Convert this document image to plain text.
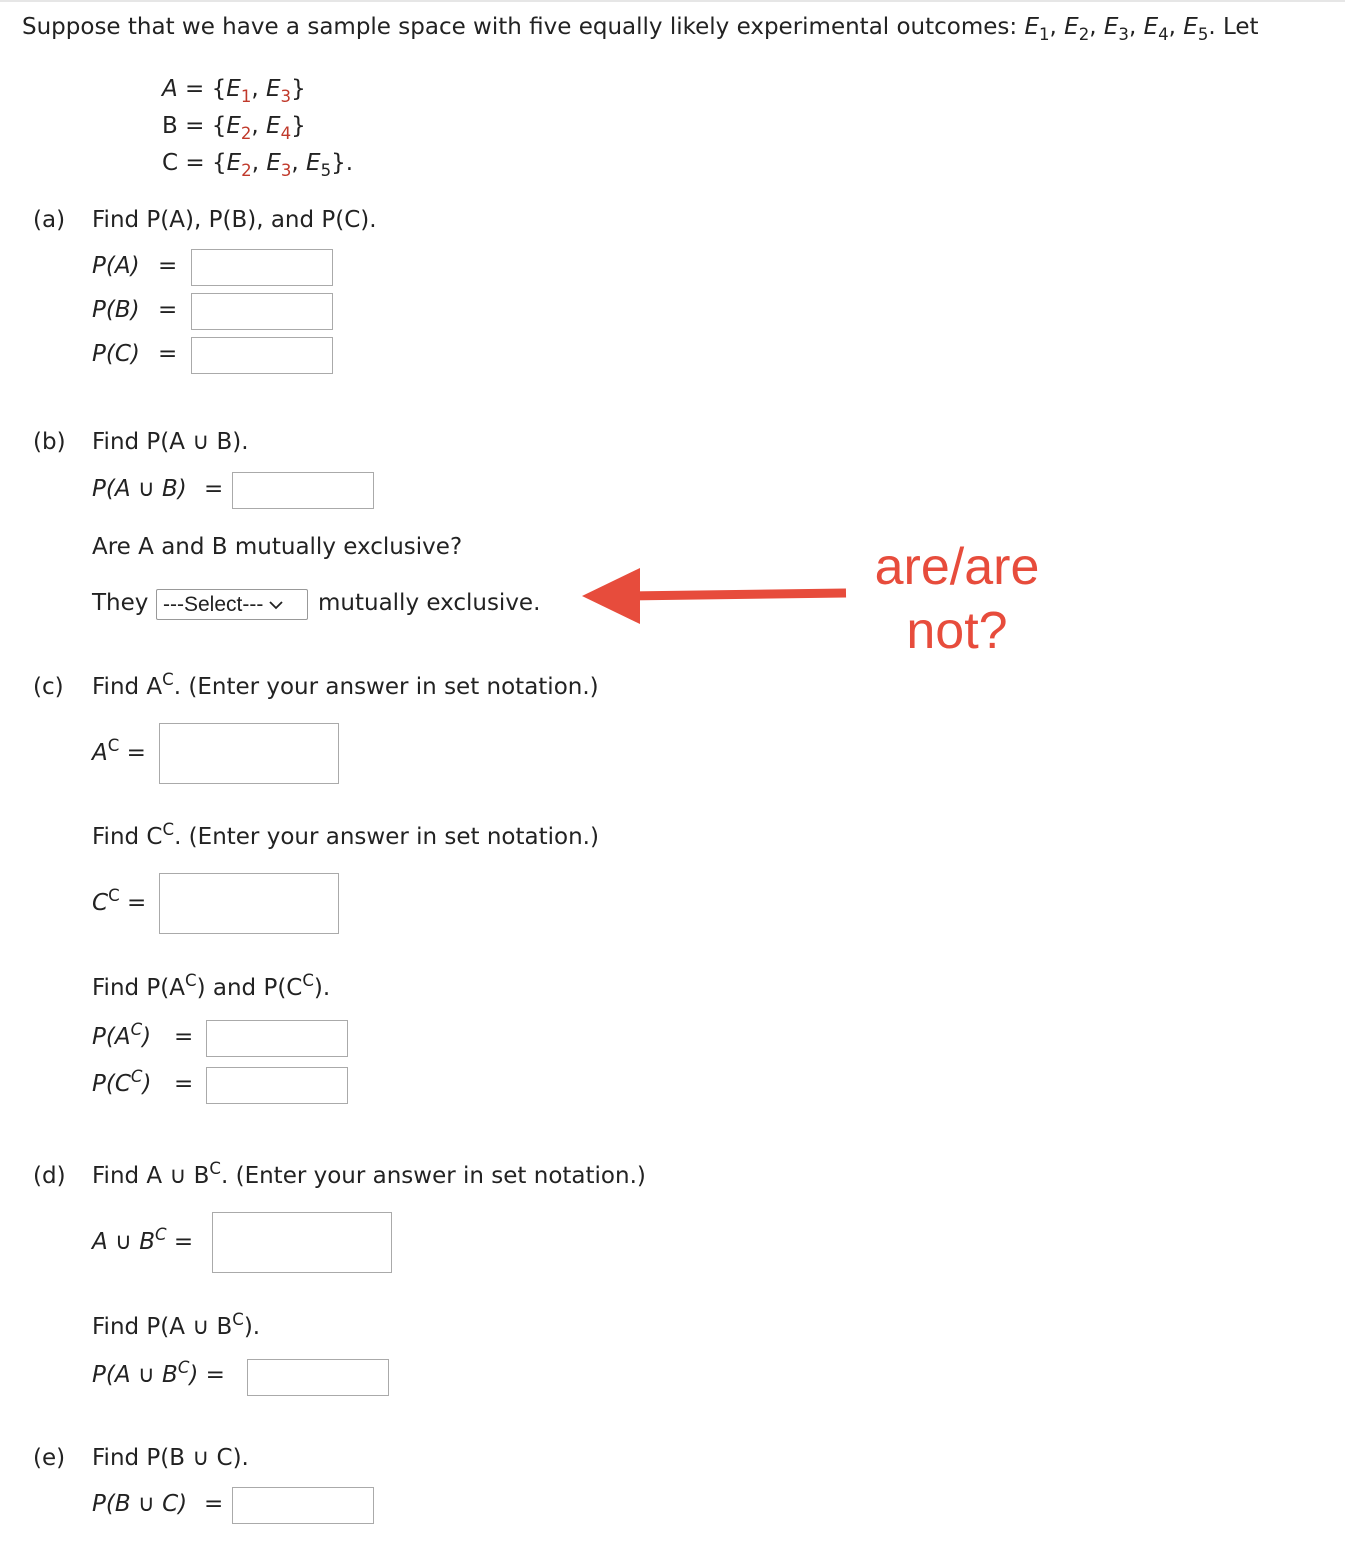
Suppose that we have a sample space with five equally likely experimental outcomes: $E_1$, $E_2$, $E_3$, $E_4$, $E_5$. Let
$A = \{E_1$, $E_3$}
$B = \{E_2$, $E_4$}
$C = \{E_2$, $E_3$, $E_5$}.
(a) Find P(A), P(B), and P(C).
P(A) =
P(B) =
P(C) =
(b) Find P(A ∪ B).
P(A ∪ B) =
Are A and B mutually exclusive?
They ---Select--- mutually exclusive.
are/are
not?
(c) Find $A^C$. (Enter your answer in set notation.)
$A^C$ =
Find $C^C$. (Enter your answer in set notation.)
$C^C$ =
Find $P(A^C)$ and $P(C^C)$.
$P(A^C)$ =
$P(C^C)$ =
(d) Find A ∪ $B^C$. (Enter your answer in set notation.)
A ∪ $B^C$ =
Find P(A ∪ $B^C$).
P(A ∪ $B^C$) =
(e) Find P(B ∪ C).
P(B ∪ C) =
